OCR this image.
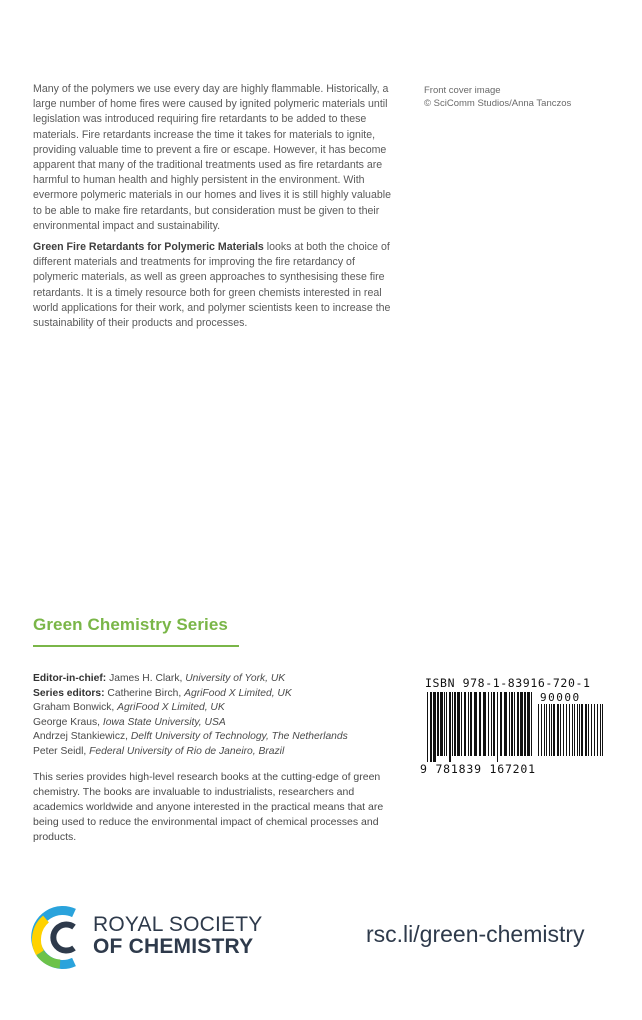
Many of the polymers we use every day are highly flammable. Historically, a large number of home fires were caused by ignited polymeric materials until legislation was introduced requiring fire retardants to be added to these materials. Fire retardants increase the time it takes for materials to ignite, providing valuable time to prevent a fire or escape. However, it has become apparent that many of the traditional treatments used as fire retardants are harmful to human health and highly persistent in the environment. With evermore polymeric materials in our homes and lives it is still highly valuable to be able to make fire retardants, but consideration must be given to their environmental impact and sustainability.

Green Fire Retardants for Polymeric Materials looks at both the choice of different materials and treatments for improving the fire retardancy of polymeric materials, as well as green approaches to synthesising these fire retardants. It is a timely resource both for green chemists interested in real world applications for their work, and polymer scientists keen to increase the sustainability of their products and processes.

Front cover image
© SciComm Studios/Anna Tanczos
Green Chemistry Series
Editor-in-chief: James H. Clark, University of York, UK
Series editors: Catherine Birch, AgriFood X Limited, UK
Graham Bonwick, AgriFood X Limited, UK
George Kraus, Iowa State University, USA
Andrzej Stankiewicz, Delft University of Technology, The Netherlands
Peter Seidl, Federal University of Rio de Janeiro, Brazil
This series provides high-level research books at the cutting-edge of green chemistry. The books are invaluable to industrialists, researchers and academics worldwide and anyone interested in the practical means that are being used to reduce the environmental impact of chemical processes and products.
ISBN 978-1-83916-720-1
90000
9 781839 167201
ROYAL SOCIETY
OF CHEMISTRY	rsc.li/green-chemistry
